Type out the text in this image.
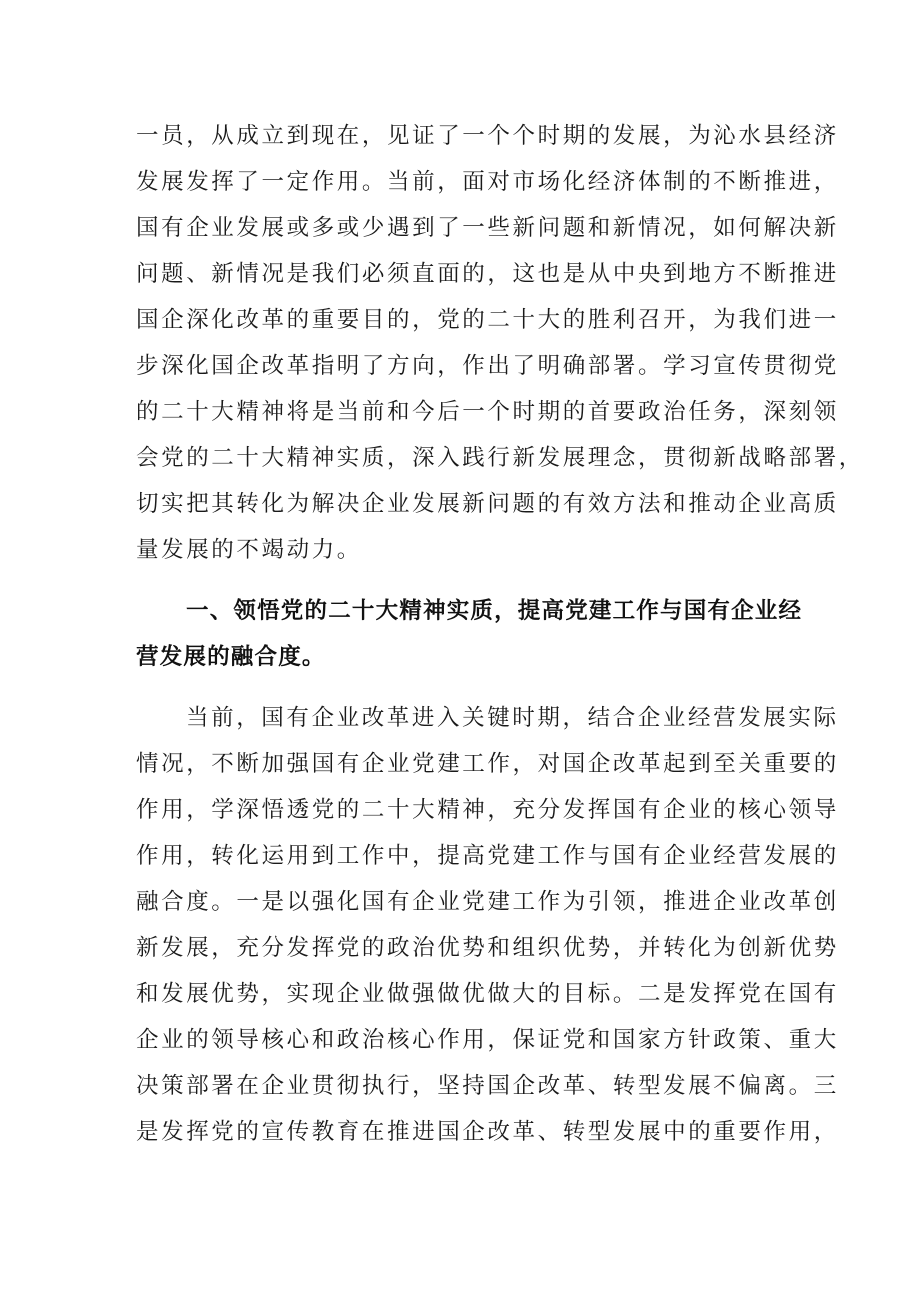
一员，从成立到现在，见证了一个个时期的发展，为沁水县经济
发展发挥了一定作用。当前，面对市场化经济体制的不断推进，
国有企业发展或多或少遇到了一些新问题和新情况，如何解决新
问题、新情况是我们必须直面的，这也是从中央到地方不断推进
国企深化改革的重要目的，党的二十大的胜利召开，为我们进一
步深化国企改革指明了方向，作出了明确部署。学习宣传贯彻党
的二十大精神将是当前和今后一个时期的首要政治任务，深刻领
会党的二十大精神实质，深入践行新发展理念，贯彻新战略部署，
切实把其转化为解决企业发展新问题的有效方法和推动企业高质
量发展的不竭动力。
一、领悟党的二十大精神实质，提高党建工作与国有企业经
营发展的融合度。
当前，国有企业改革进入关键时期，结合企业经营发展实际
情况，不断加强国有企业党建工作，对国企改革起到至关重要的
作用，学深悟透党的二十大精神，充分发挥国有企业的核心领导
作用，转化运用到工作中，提高党建工作与国有企业经营发展的
融合度。一是以强化国有企业党建工作为引领，推进企业改革创
新发展，充分发挥党的政治优势和组织优势，并转化为创新优势
和发展优势，实现企业做强做优做大的目标。二是发挥党在国有
企业的领导核心和政治核心作用，保证党和国家方针政策、重大
决策部署在企业贯彻执行，坚持国企改革、转型发展不偏离。三
是发挥党的宣传教育在推进国企改革、转型发展中的重要作用，
